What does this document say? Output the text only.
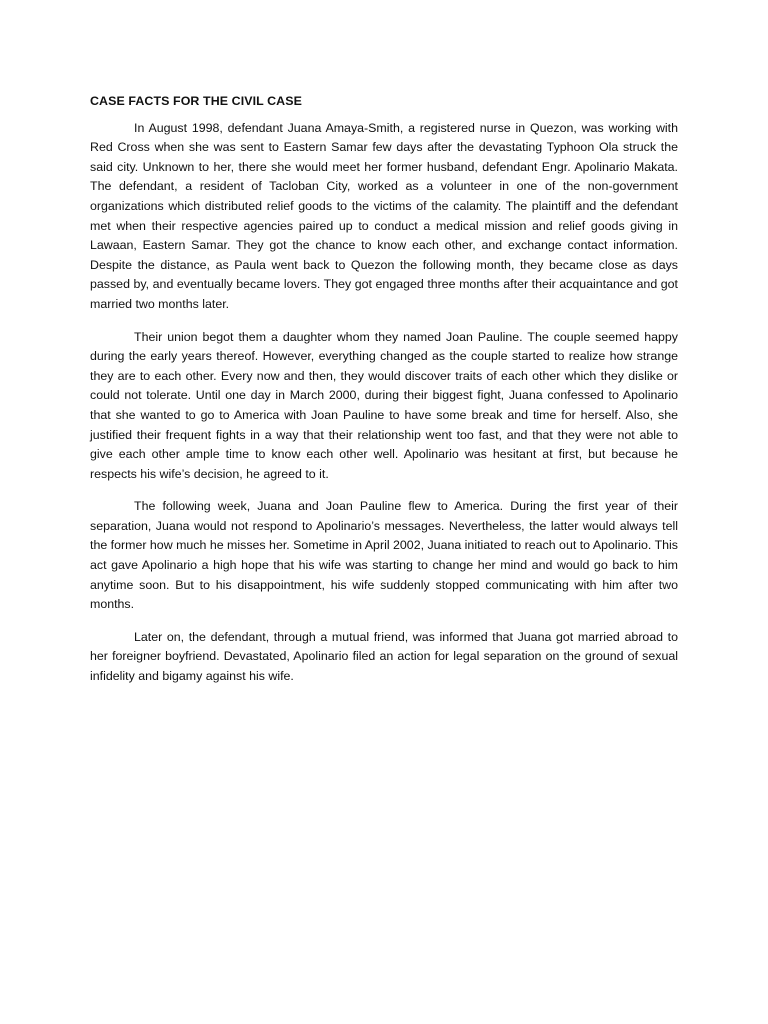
CASE FACTS FOR THE CIVIL CASE

In August 1998, defendant Juana Amaya-Smith, a registered nurse in Quezon, was working with Red Cross when she was sent to Eastern Samar few days after the devastating Typhoon Ola struck the said city. Unknown to her, there she would meet her former husband, defendant Engr. Apolinario Makata. The defendant, a resident of Tacloban City, worked as a volunteer in one of the non-government organizations which distributed relief goods to the victims of the calamity. The plaintiff and the defendant met when their respective agencies paired up to conduct a medical mission and relief goods giving in Lawaan, Eastern Samar. They got the chance to know each other, and exchange contact information. Despite the distance, as Paula went back to Quezon the following month, they became close as days passed by, and eventually became lovers. They got engaged three months after their acquaintance and got married two months later.

Their union begot them a daughter whom they named Joan Pauline. The couple seemed happy during the early years thereof. However, everything changed as the couple started to realize how strange they are to each other. Every now and then, they would discover traits of each other which they dislike or could not tolerate. Until one day in March 2000, during their biggest fight, Juana confessed to Apolinario that she wanted to go to America with Joan Pauline to have some break and time for herself. Also, she justified their frequent fights in a way that their relationship went too fast, and that they were not able to give each other ample time to know each other well. Apolinario was hesitant at first, but because he respects his wife’s decision, he agreed to it.

The following week, Juana and Joan Pauline flew to America. During the first year of their separation, Juana would not respond to Apolinario’s messages. Nevertheless, the latter would always tell the former how much he misses her. Sometime in April 2002, Juana initiated to reach out to Apolinario. This act gave Apolinario a high hope that his wife was starting to change her mind and would go back to him anytime soon. But to his disappointment, his wife suddenly stopped communicating with him after two months.

Later on, the defendant, through a mutual friend, was informed that Juana got married abroad to her foreigner boyfriend. Devastated, Apolinario filed an action for legal separation on the ground of sexual infidelity and bigamy against his wife.
